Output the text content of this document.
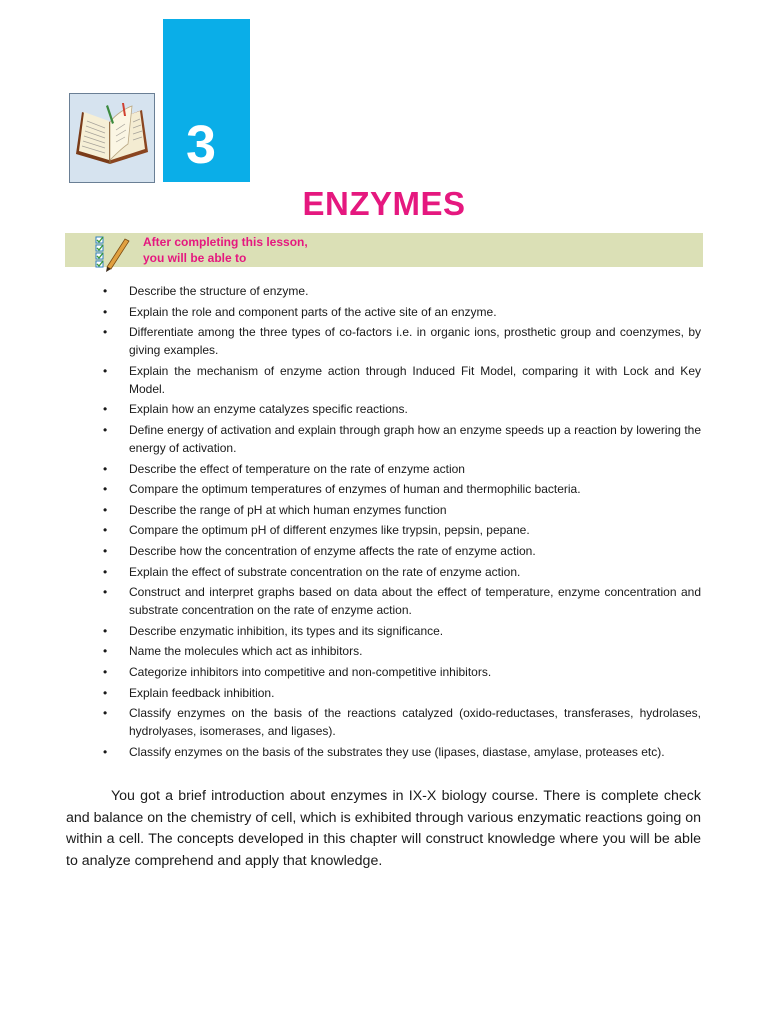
3
ENZYMES
After completing this lesson,
you will be able to
• Describe the structure of enzyme.
• Explain the role and component parts of the active site of an enzyme.
• Differentiate among the three types of co-factors i.e. in organic ions, prosthetic group and coenzymes, by giving examples.
• Explain the mechanism of enzyme action through Induced Fit Model, comparing it with Lock and Key Model.
• Explain how an enzyme catalyzes specific reactions.
• Define energy of activation and explain through graph how an enzyme speeds up a reaction by lowering the energy of activation.
• Describe the effect of temperature on the rate of enzyme action
• Compare the optimum temperatures of enzymes of human and thermophilic bacteria.
• Describe the range of pH at which human enzymes function
• Compare the optimum pH of different enzymes like trypsin, pepsin, pepane.
• Describe how the concentration of enzyme affects the rate of enzyme action.
• Explain the effect of substrate concentration on the rate of enzyme action.
• Construct and interpret graphs based on data about the effect of temperature, enzyme concentration and substrate concentration on the rate of enzyme action.
• Describe enzymatic inhibition, its types and its significance.
• Name the molecules which act as inhibitors.
• Categorize inhibitors into competitive and non-competitive inhibitors.
• Explain feedback inhibition.
• Classify enzymes on the basis of the reactions catalyzed (oxido-reductases, transferases, hydrolases, hydrolyases, isomerases, and ligases).
• Classify enzymes on the basis of the substrates they use (lipases, diastase, amylase, proteases etc).

You got a brief introduction about enzymes in IX-X biology course. There is complete check and balance on the chemistry of cell, which is exhibited through various enzymatic reactions going on within a cell. The concepts developed in this chapter will construct knowledge where you will be able to analyze comprehend and apply that knowledge.
